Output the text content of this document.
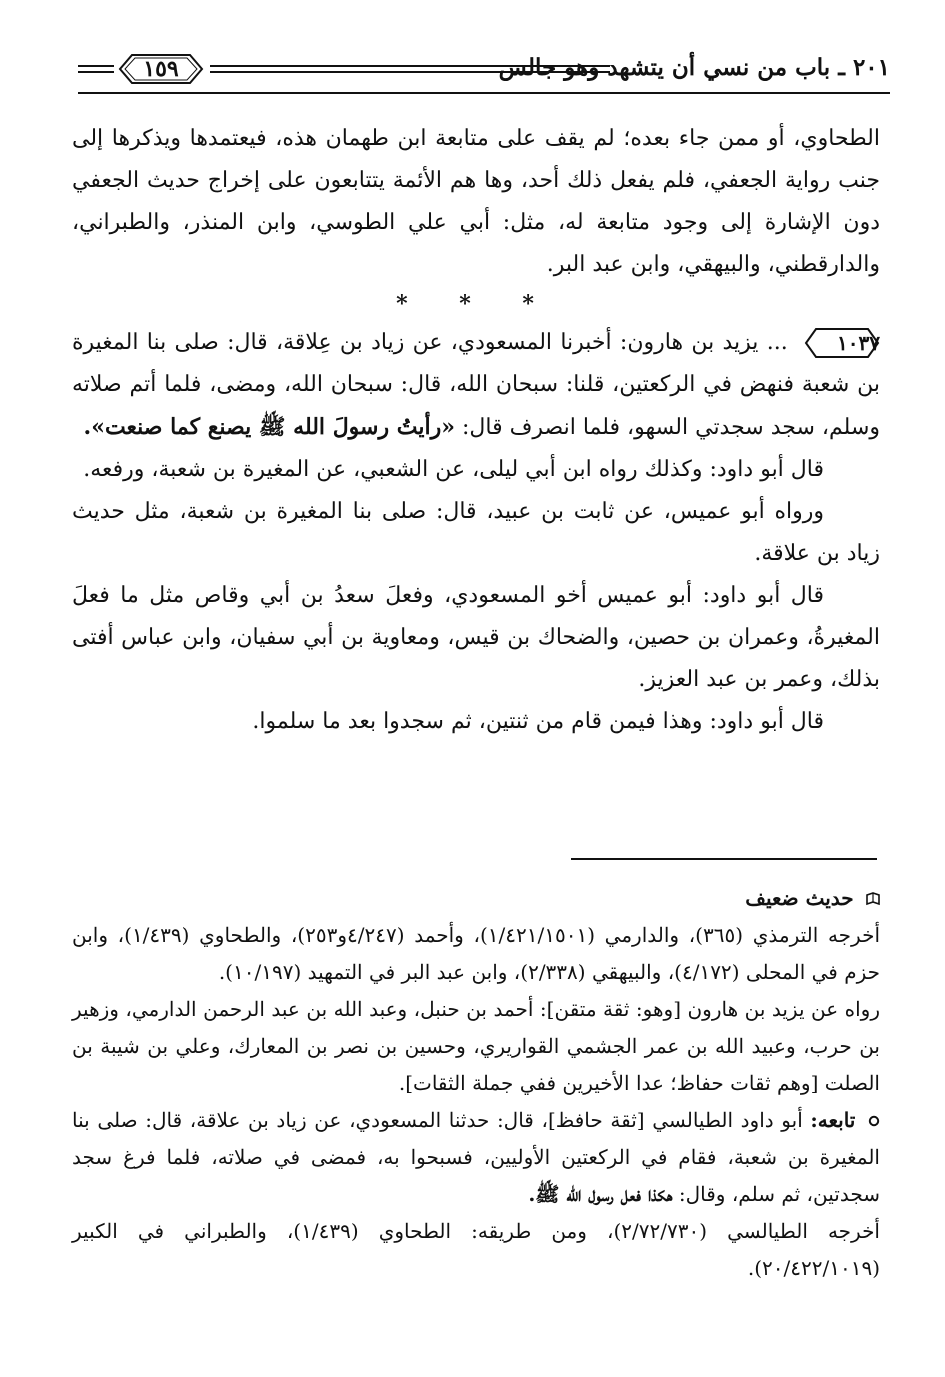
١٥٩	٢٠١ ـ باب من نسي أن يتشهد وهو جالس

الطحاوي، أو ممن جاء بعده؛ لم يقف على متابعة ابن طهمان هذه، فيعتمدها ويذكرها إلى جنب رواية الجعفي، فلم يفعل ذلك أحد، وها هم الأئمة يتتابعون على إخراج حديث الجعفي دون الإشارة إلى وجود متابعة له، مثل: أبي علي الطوسي، وابن المنذر، والطبراني، والدارقطني، والبيهقي، وابن عبد البر.

* * *

١٠٣٧ ... يزيد بن هارون: أخبرنا المسعودي، عن زياد بن عِلاقة، قال: صلى بنا المغيرة بن شعبة فنهض في الركعتين، قلنا: سبحان الله، قال: سبحان الله، ومضى، فلما أتم صلاته وسلم، سجد سجدتي السهو، فلما انصرف قال: «رأيتُ رسولَ الله ﷺ يصنع كما صنعت».

قال أبو داود: وكذلك رواه ابن أبي ليلى، عن الشعبي، عن المغيرة بن شعبة، ورفعه.

ورواه أبو عميس، عن ثابت بن عبيد، قال: صلى بنا المغيرة بن شعبة، مثل حديث زياد بن علاقة.

قال أبو داود: أبو عميس أخو المسعودي، وفعلَ سعدُ بن أبي وقاص مثل ما فعلَ المغيرةُ، وعمران بن حصين، والضحاك بن قيس، ومعاوية بن أبي سفيان، وابن عباس أفتى بذلك، وعمر بن عبد العزيز.

قال أبو داود: وهذا فيمن قام من ثنتين، ثم سجدوا بعد ما سلموا.

حديث ضعيف

أخرجه الترمذي (٣٦٥)، والدارمي (١/٤٢١/١٥٠١)، وأحمد (٤/٢٤٧و٢٥٣)، والطحاوي (١/٤٣٩)، وابن حزم في المحلى (٤/١٧٢)، والبيهقي (٢/٣٣٨)، وابن عبد البر في التمهيد (١٠/١٩٧).

رواه عن يزيد بن هارون [وهو: ثقة متقن]: أحمد بن حنبل، وعبد الله بن عبد الرحمن الدارمي، وزهير بن حرب، وعبيد الله بن عمر الجشمي القواريري، وحسين بن نصر بن المعارك، وعلي بن شيبة بن الصلت [وهم ثقات حفاظ؛ عدا الأخيرين ففي جملة الثقات].

تابعه: أبو داود الطيالسي [ثقة حافظ]، قال: حدثنا المسعودي، عن زياد بن علاقة، قال: صلى بنا المغيرة بن شعبة، فقام في الركعتين الأوليين، فسبحوا به، فمضى في صلاته، فلما فرغ سجد سجدتين، ثم سلم، وقال: هكذا فعل رسول الله ﷺ.

أخرجه الطيالسي (٢/٧٢/٧٣٠)، ومن طريقه: الطحاوي (١/٤٣٩)، والطبراني في الكبير (٢٠/٤٢٢/١٠١٩).
